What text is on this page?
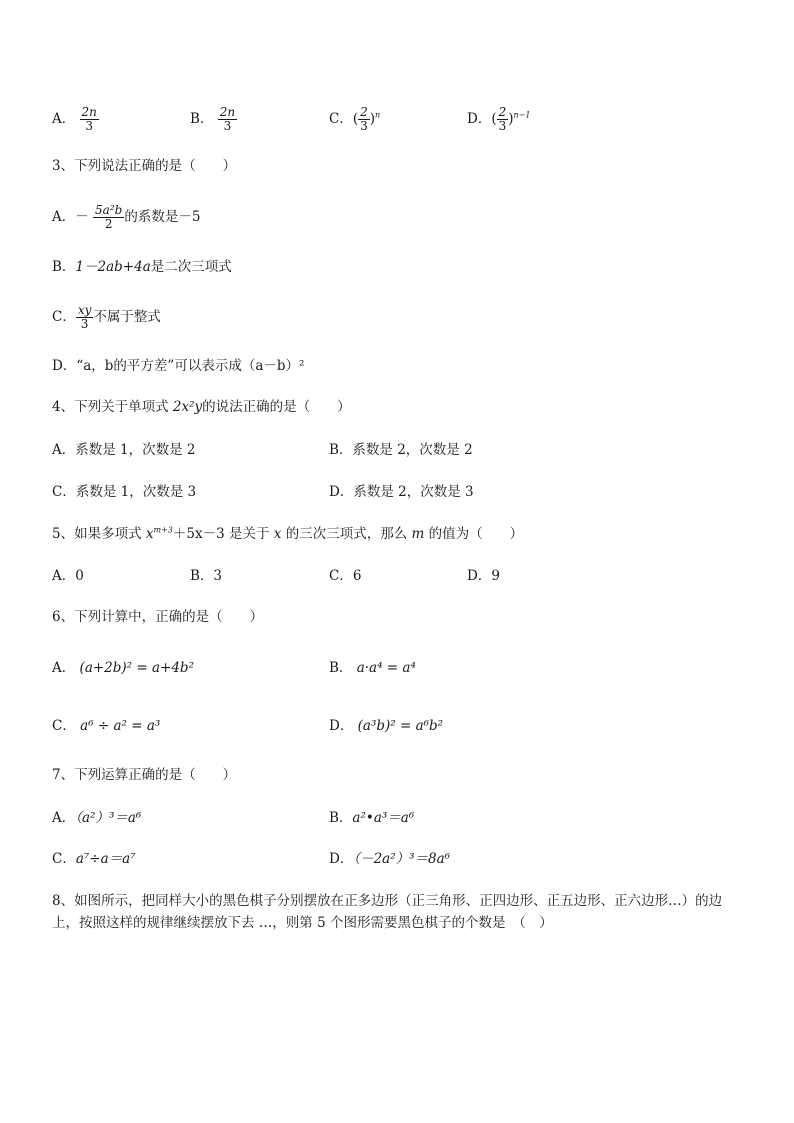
A． $\frac{2n}{3}$	B． $\frac{2n}{3}$	C．( $\frac{2}{3} )^n$	D．( $\frac{2}{3} )^{n-1}$
3、下列说法正确的是（　　）
A．－ $\frac{\text{5a²b}}{2}$ 的系数是－5
B．1－2ab+4a是二次三项式
C． $\frac{xy}{3}$ 不属于整式
D．“a，b的平方差”可以表示成（a－b）²
4、下列关于单项式 2x²y的说法正确的是（　　）
A．系数是 1，次数是 2	B．系数是 2，次数是 2
C．系数是 1，次数是 3	D．系数是 2，次数是 3
5、如果多项式 $x^{m+3}+5x-3$ 是关于 x 的三次三项式，那么 m 的值为（　　）
A．0	B．3	C．6	D．9
6、下列计算中，正确的是（　　）
A． (a+2b)² = a+4b²	B． a·a⁴ = a⁴
C． a⁶ ÷ a² = a³	D． (a³b)² = a⁶b²
7、下列运算正确的是（　　）
A．（a²）³＝a⁶	B．a²•a³＝a⁶
C．a⁷÷a＝a⁷	D．（－2a²）³＝8a⁶
8、如图所示，把同样大小的黑色棋子分别摆放在正多边形（正三角形、正四边形、正五边形、正六边形…）的边上，按照这样的规律继续摆放下去 …，则第 5 个图形需要黑色棋子的个数是　（　）
